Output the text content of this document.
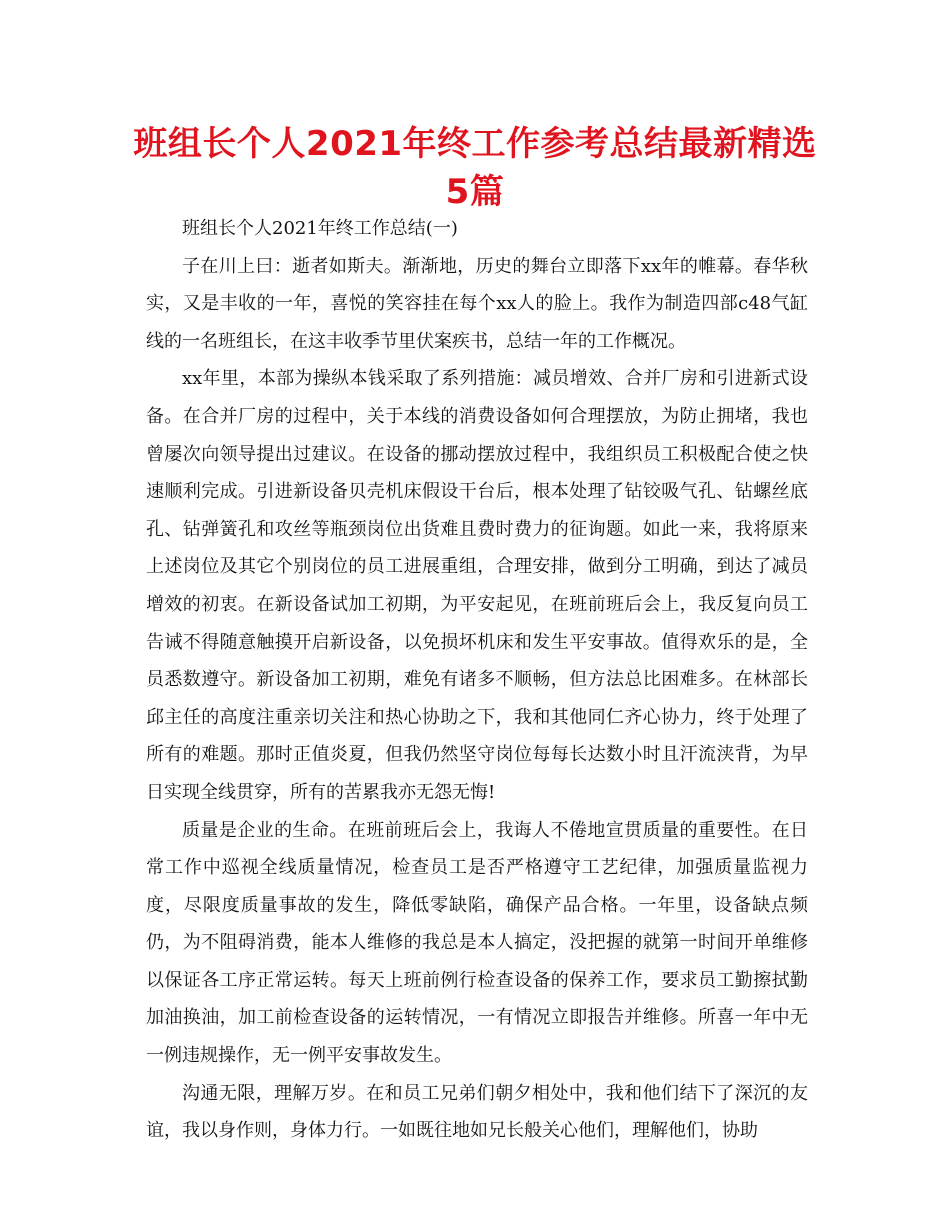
班组长个人2021年终工作参考总结最新精选5篇

班组长个人2021年终工作总结(一)

子在川上曰：逝者如斯夫。渐渐地，历史的舞台立即落下xx年的帷幕。春华秋实，又是丰收的一年，喜悦的笑容挂在每个xx人的脸上。我作为制造四部c48气缸线的一名班组长，在这丰收季节里伏案疾书，总结一年的工作概况。

xx年里，本部为操纵本钱采取了系列措施：减员增效、合并厂房和引进新式设备。在合并厂房的过程中，关于本线的消费设备如何合理摆放，为防止拥堵，我也曾屡次向领导提出过建议。在设备的挪动摆放过程中，我组织员工积极配合使之快速顺利完成。引进新设备贝壳机床假设干台后，根本处理了钻铰吸气孔、钻螺丝底孔、钻弹簧孔和攻丝等瓶颈岗位出货难且费时费力的征询题。如此一来，我将原来上述岗位及其它个别岗位的员工进展重组，合理安排，做到分工明确，到达了减员增效的初衷。在新设备试加工初期，为平安起见，在班前班后会上，我反复向员工告诫不得随意触摸开启新设备，以免损坏机床和发生平安事故。值得欢乐的是，全员悉数遵守。新设备加工初期，难免有诸多不顺畅，但方法总比困难多。在林部长邱主任的高度注重亲切关注和热心协助之下，我和其他同仁齐心协力，终于处理了所有的难题。那时正值炎夏，但我仍然坚守岗位每每长达数小时且汗流浃背，为早日实现全线贯穿，所有的苦累我亦无怨无悔!

质量是企业的生命。在班前班后会上，我诲人不倦地宣贯质量的重要性。在日常工作中巡视全线质量情况，检查员工是否严格遵守工艺纪律，加强质量监视力度，尽限度质量事故的发生，降低零缺陷，确保产品合格。一年里，设备缺点频仍，为不阻碍消费，能本人维修的我总是本人搞定，没把握的就第一时间开单维修以保证各工序正常运转。每天上班前例行检查设备的保养工作，要求员工勤擦拭勤加油换油，加工前检查设备的运转情况，一有情况立即报告并维修。所喜一年中无一例违规操作，无一例平安事故发生。

沟通无限，理解万岁。在和员工兄弟们朝夕相处中，我和他们结下了深沉的友谊，我以身作则，身体力行。一如既往地如兄长般关心他们，理解他们，协助
